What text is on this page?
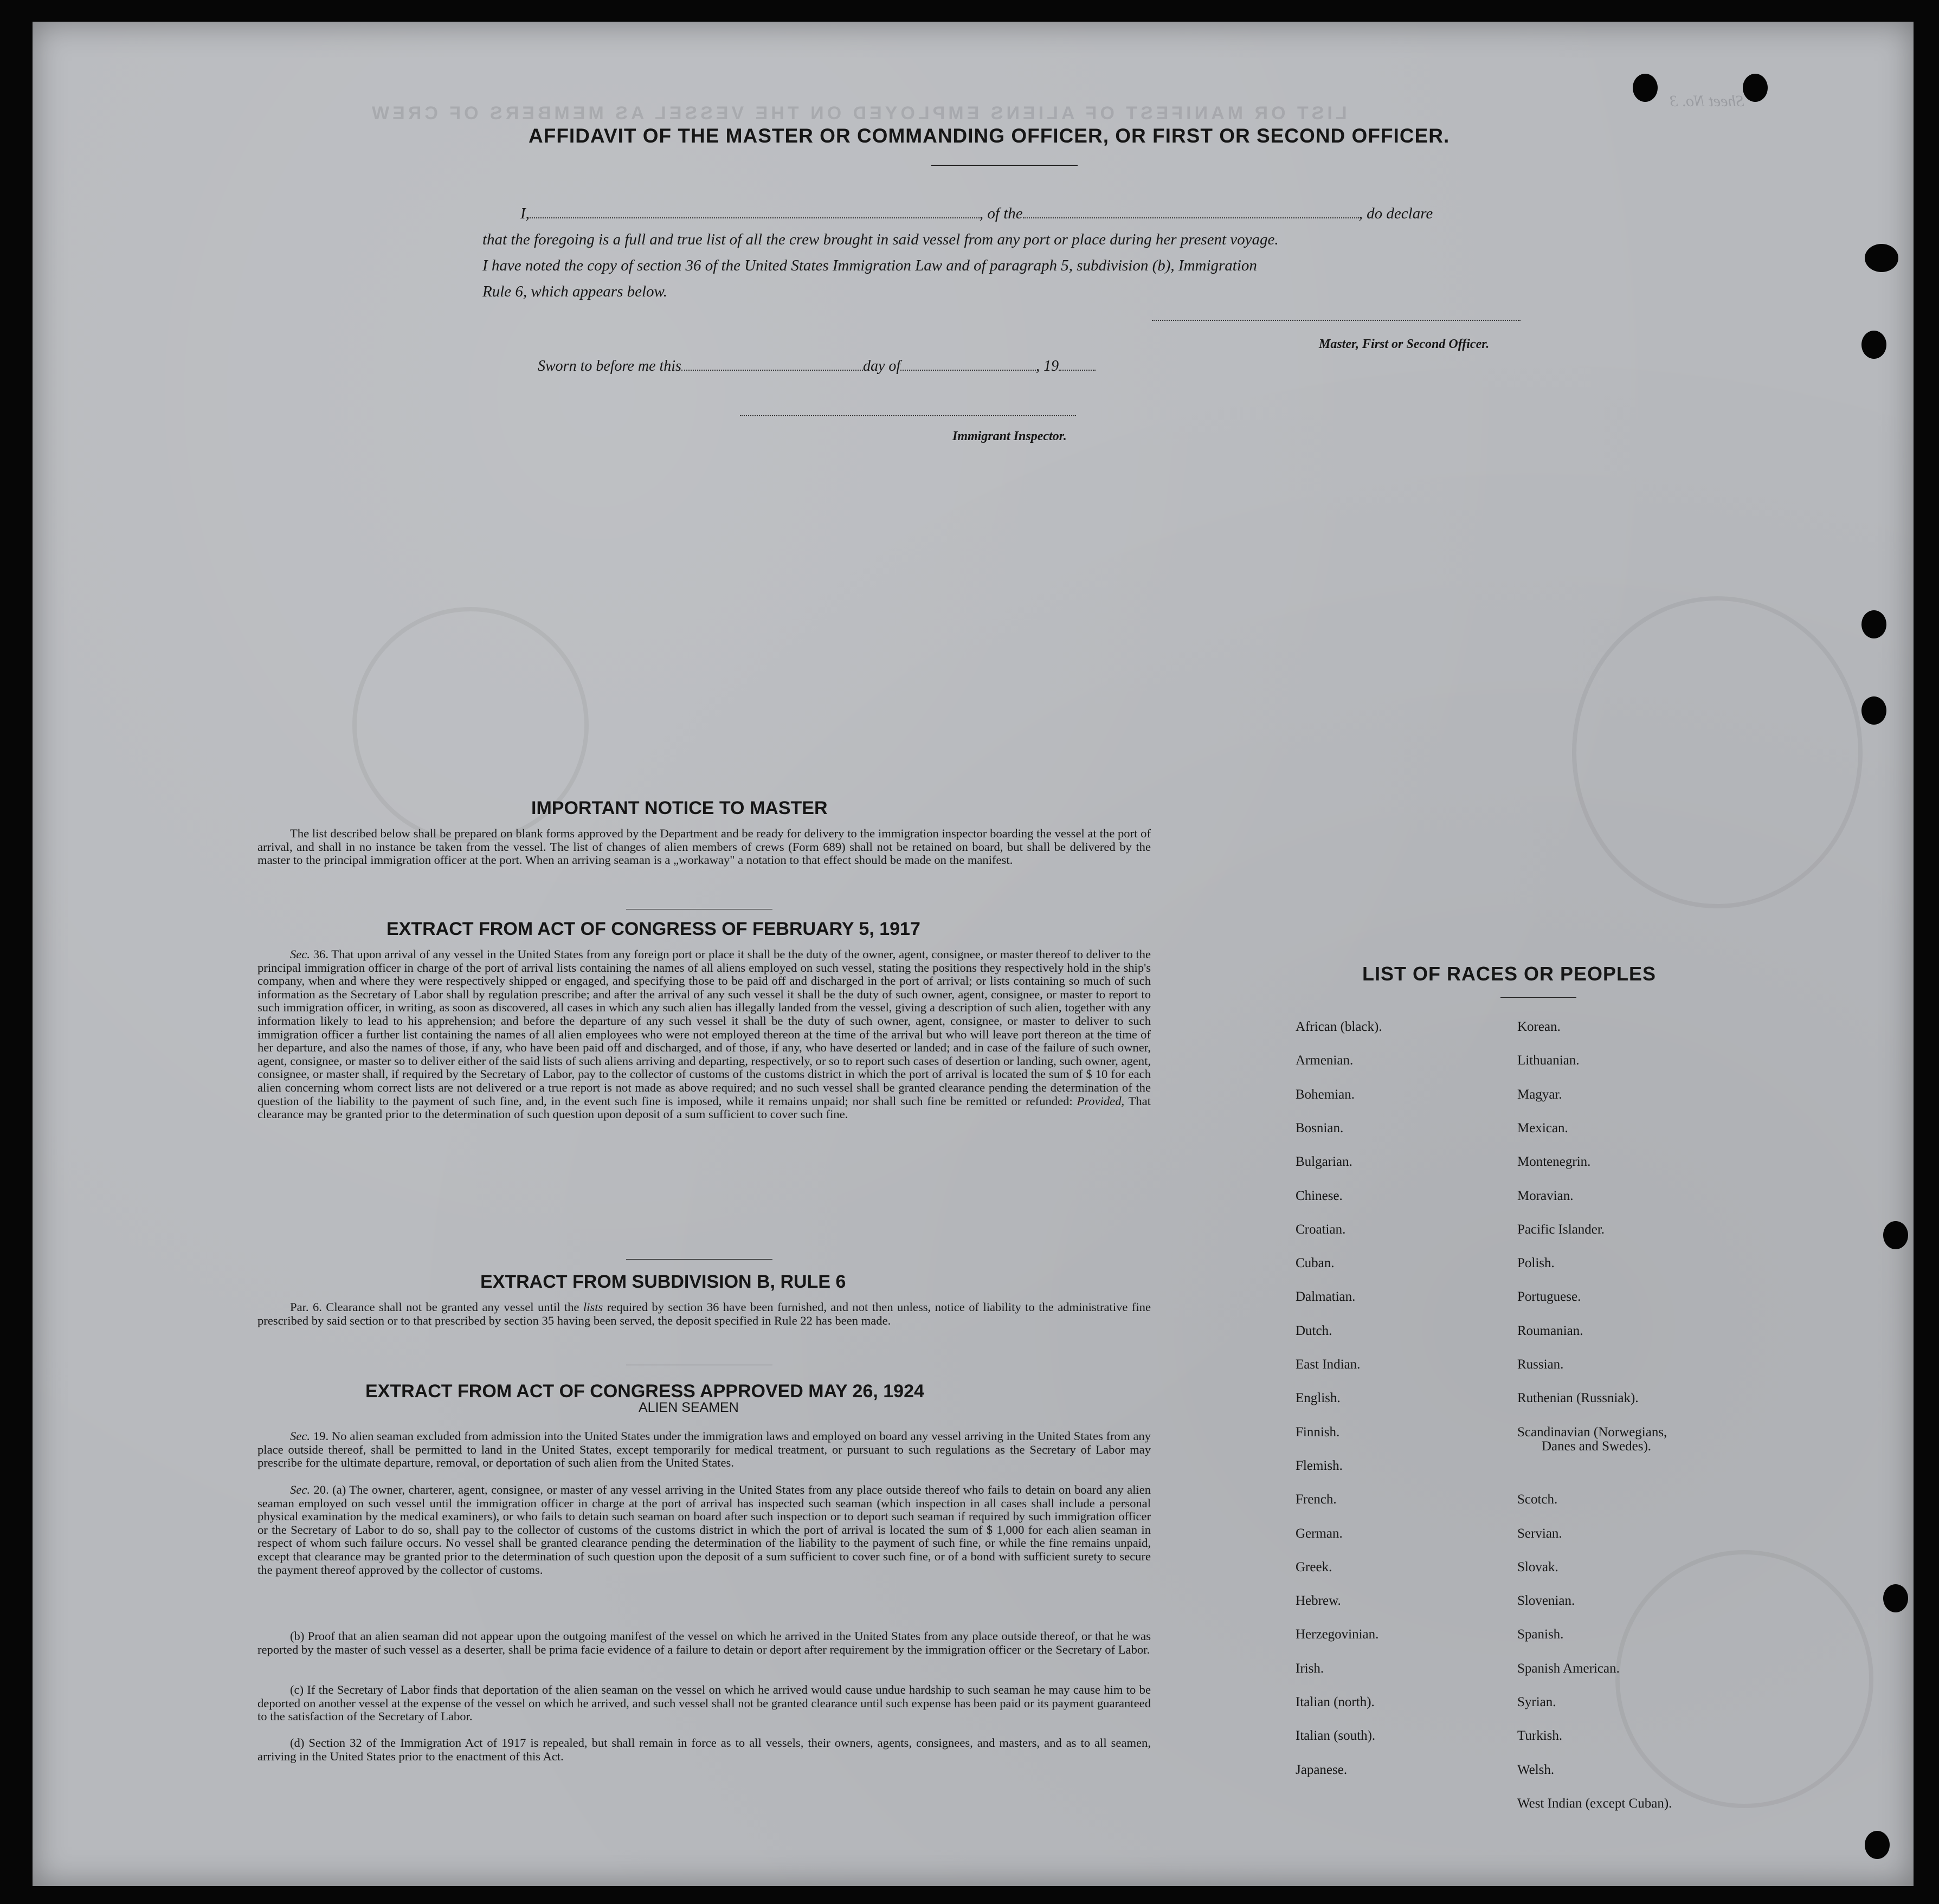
LIST OR MANIFEST OF ALIENS EMPLOYED ON THE VESSEL AS MEMBERS OF CREW
Sheet No. 3
AFFIDAVIT OF THE MASTER OR COMMANDING OFFICER, OR FIRST OR SECOND OFFICER.
I,	, of the	, do declare
that the foregoing is a full and true list of all the crew brought in said vessel from any port or place during her present voyage.
I have noted the copy of section 36 of the United States Immigration Law and of paragraph 5, subdivision (b), Immigration
Rule 6, which appears below.
Master, First or Second Officer.
Sworn to before me this	day of	, 19
Immigrant Inspector.
IMPORTANT NOTICE TO MASTER

The list described below shall be prepared on blank forms approved by the Department and be ready for delivery to the immigration inspector boarding the vessel at the port of arrival, and shall in no instance be taken from the vessel. The list of changes of alien members of crews (Form 689) shall not be retained on board, but shall be delivered by the master to the principal immigration officer at the port. When an arriving seaman is a „workaway" a notation to that effect should be made on the manifest.

EXTRACT FROM ACT OF CONGRESS OF FEBRUARY 5, 1917

Sec. 36. That upon arrival of any vessel in the United States from any foreign port or place it shall be the duty of the owner, agent, consignee, or master thereof to deliver to the principal immigration officer in charge of the port of arrival lists containing the names of all aliens employed on such vessel, stating the positions they respectively hold in the ship's company, when and where they were respectively shipped or engaged, and specifying those to be paid off and discharged in the port of arrival; or lists containing so much of such information as the Secretary of Labor shall by regulation prescribe; and after the arrival of any such vessel it shall be the duty of such owner, agent, consignee, or master to report to such immigration officer, in writing, as soon as discovered, all cases in which any such alien has illegally landed from the vessel, giving a description of such alien, together with any information likely to lead to his apprehension; and before the departure of any such vessel it shall be the duty of such owner, agent, consignee, or master to deliver to such immigration officer a further list containing the names of all alien employees who were not employed thereon at the time of the arrival but who will leave port thereon at the time of her departure, and also the names of those, if any, who have been paid off and discharged, and of those, if any, who have deserted or landed; and in case of the failure of such owner, agent, consignee, or master so to deliver either of the said lists of such aliens arriving and departing, respectively, or so to report such cases of desertion or landing, such owner, agent, consignee, or master shall, if required by the Secretary of Labor, pay to the collector of customs of the customs district in which the port of arrival is located the sum of $ 10 for each alien concerning whom correct lists are not delivered or a true report is not made as above required; and no such vessel shall be granted clearance pending the determination of the question of the liability to the payment of such fine, and, in the event such fine is imposed, while it remains unpaid; nor shall such fine be remitted or refunded: Provided, That clearance may be granted prior to the determination of such question upon deposit of a sum sufficient to cover such fine.

EXTRACT FROM SUBDIVISION B, RULE 6

Par. 6. Clearance shall not be granted any vessel until the lists required by section 36 have been furnished, and not then unless, notice of liability to the administrative fine prescribed by said section or to that prescribed by section 35 having been served, the deposit specified in Rule 22 has been made.

EXTRACT FROM ACT OF CONGRESS APPROVED MAY 26, 1924
ALIEN SEAMEN

Sec. 19. No alien seaman excluded from admission into the United States under the immigration laws and employed on board any vessel arriving in the United States from any place outside thereof, shall be permitted to land in the United States, except temporarily for medical treatment, or pursuant to such regulations as the Secretary of Labor may prescribe for the ultimate departure, removal, or deportation of such alien from the United States.

Sec. 20. (a) The owner, charterer, agent, consignee, or master of any vessel arriving in the United States from any place outside thereof who fails to detain on board any alien seaman employed on such vessel until the immigration officer in charge at the port of arrival has inspected such seaman (which inspection in all cases shall include a personal physical examination by the medical examiners), or who fails to detain such seaman on board after such inspection or to deport such seaman if required by such immigration officer or the Secretary of Labor to do so, shall pay to the collector of customs of the customs district in which the port of arrival is located the sum of $ 1,000 for each alien seaman in respect of whom such failure occurs. No vessel shall be granted clearance pending the determination of the liability to the payment of such fine, or while the fine remains unpaid, except that clearance may be granted prior to the determination of such question upon the deposit of a sum sufficient to cover such fine, or of a bond with sufficient surety to secure the payment thereof approved by the collector of customs.

(b) Proof that an alien seaman did not appear upon the outgoing manifest of the vessel on which he arrived in the United States from any place outside thereof, or that he was reported by the master of such vessel as a deserter, shall be prima facie evidence of a failure to detain or deport after requirement by the immigration officer or the Secretary of Labor.

(c) If the Secretary of Labor finds that deportation of the alien seaman on the vessel on which he arrived would cause undue hardship to such seaman he may cause him to be deported on another vessel at the expense of the vessel on which he arrived, and such vessel shall not be granted clearance until such expense has been paid or its payment guaranteed to the satisfaction of the Secretary of Labor.

(d) Section 32 of the Immigration Act of 1917 is repealed, but shall remain in force as to all vessels, their owners, agents, consignees, and masters, and as to all seamen, arriving in the United States prior to the enactment of this Act.

LIST OF RACES OR PEOPLES
African (black).
Armenian.
Bohemian.
Bosnian.
Bulgarian.
Chinese.
Croatian.
Cuban.
Dalmatian.
Dutch.
East Indian.
English.
Finnish.
Flemish.
French.
German.
Greek.
Hebrew.
Herzegovinian.
Irish.
Italian (north).
Italian (south).
Japanese.
Korean.
Lithuanian.
Magyar.
Mexican.
Montenegrin.
Moravian.
Pacific Islander.
Polish.
Portuguese.
Roumanian.
Russian.
Ruthenian (Russniak).
Scandinavian (Norwegians,
Danes and Swedes).
Scotch.
Servian.
Slovak.
Slovenian.
Spanish.
Spanish American.
Syrian.
Turkish.
Welsh.
West Indian (except Cuban).
